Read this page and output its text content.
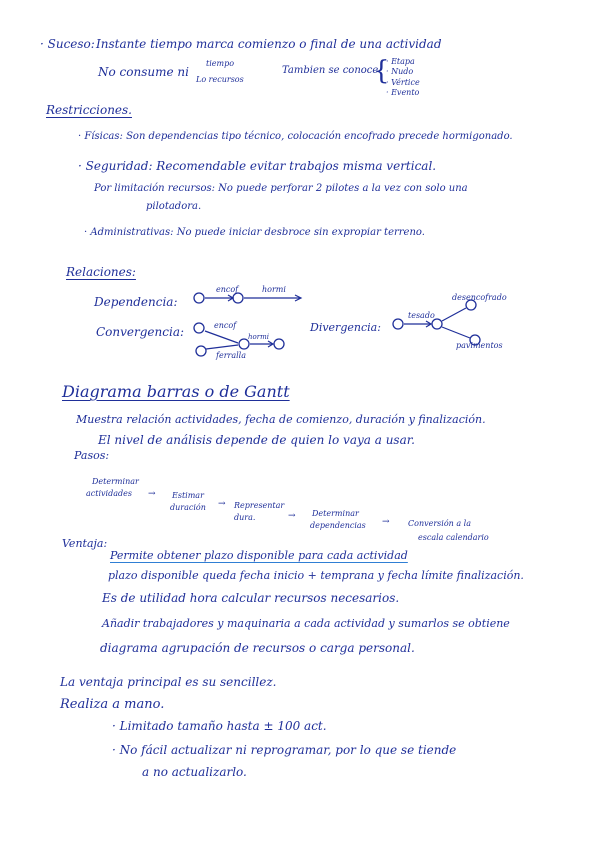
· Suceso: Instante tiempo marca comienzo o final de una actividad
No consume ni
tiempo
Lo recursos
Tambien se conoce
{
· Etapa
· Nudo
· Vértice
· Evento
Restricciones.
· Físicas: Son dependencias tipo técnico, colocación encofrado precede hormigonado.
· Seguridad: Recomendable evitar trabajos misma vertical.
Por limitación recursos: No puede perforar 2 pilotes a la vez con solo una
pilotadora.
· Administrativas: No puede iniciar desbroce sin expropiar terreno.
Relaciones:
Dependencia:
Convergencia:	Divergencia:
encof	hormi
encof
hormi
ferralla
tesado
desencofrado
pavimentos
Diagrama barras o de Gantt
Muestra relación actividades, fecha de comienzo, duración y finalización.
El nivel de análisis depende de quien lo vaya a usar.
Pasos:
Determinar
actividades → Estimar
duración → Representar
dura.	→ Determinar
dependencias → Conversión a la
escala calendario
Ventaja:
Permite obtener plazo disponible para cada actividad
plazo disponible queda fecha inicio + temprana y fecha límite finalización.
Es de utilidad hora calcular recursos necesarios.
Añadir trabajadores y maquinaria a cada actividad y sumarlos se obtiene
diagrama agrupación de recursos o carga personal.
La ventaja principal es su sencillez.
Realiza a mano.
· Limitado tamaño hasta ± 100 act.
· No fácil actualizar ni reprogramar, por lo que se tiende
a no actualizarlo.
